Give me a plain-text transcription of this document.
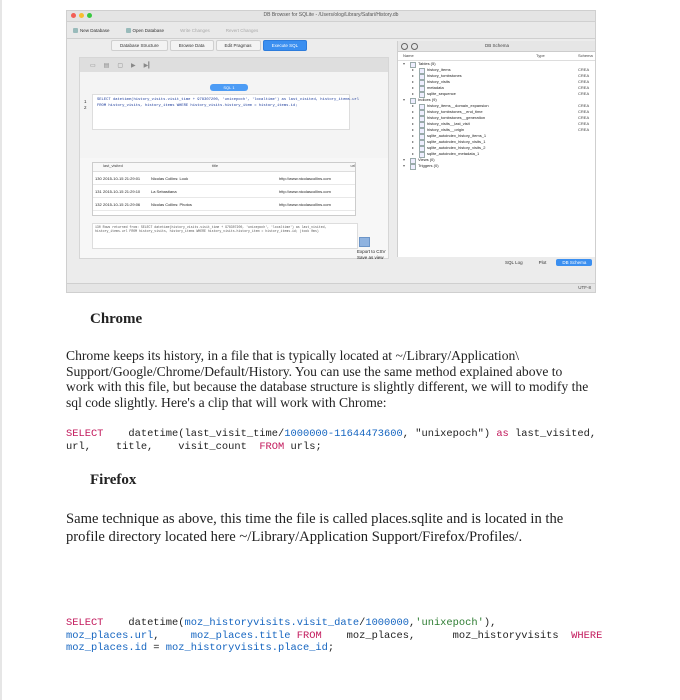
DB Browser for SQLite - /Users/olog/Library/Safari/History.db
New Database	Open Database	Write Changes	Revert Changes
Database Structure	Browse Data	Edit Pragmas	Execute SQL
▭ ▤ ▢ ▶ ▶▎
SQL 1
1
2
SELECT datetime(history_visits.visit_time + 978307200, 'unixepoch', 'localtime') as last_visited, history_items.url
FROM history_visits, history_items WHERE history_visits.history_item = history_items.id;
last_visited	title	url
130 2015-10-15 21:29:01	Nicolas Collins: Look	http://www.nicolascollins.com
131 2015-10-15 21:29:10	La Sebastiana	http://www.nicolascollins.com
132 2015-10-15 21:29:06	Nicolas Collins: Photos	http://www.nicolascollins.com
130 Rows returned from: SELECT datetime(history_visits.visit_time + 978307200, 'unixepoch', 'localtime') as last_visited, history_items.url FROM history_visits, history_items WHERE history_visits.history_item = history_items.id; (took 0ms)
Export to CSV
Save as view
DB Schema
Name	Type	Schema
▾	Tables (5)
▸	history_items	CREA
▸	history_tombstones	CREA
▸	history_visits	CREA
▸	metadata	CREA
▸	sqlite_sequence	CREA
▾	Indices (9)
▸	history_items__domain_expansion	CREA
▸	history_tombstones__end_time	CREA
▸	history_tombstones__generation	CREA
▸	history_visits__last_visit	CREA
▸	history_visits__origin	CREA
▸	sqlite_autoindex_history_items_1
▸	sqlite_autoindex_history_visits_1
▸	sqlite_autoindex_history_visits_2
▸	sqlite_autoindex_metadata_1
▾	Views (0)
▾	Triggers (0)
SQL Log	Plot	DB Schema
UTF-8
Chrome

Chrome keeps its history, in a file that is typically located at ~/Library/Application\ Support/Google/Chrome/Default/History. You can use the same method explained above to work with this file, but because the database structure is slightly different, we will to modify the sql code slightly. Here's a clip that will work with Chrome:

SELECT    datetime(last_visit_time/1000000-11644473600, "unixepoch") as last_visited,
url,    title,    visit_count  FROM urls;
Firefox

Same technique as above, this time the file is called places.sqlite and is located in the profile directory located here ~/Library/Application Support/Firefox/Profiles/.

SELECT    datetime(moz_historyvisits.visit_date/1000000,'unixepoch'),
moz_places.url,     moz_places.title FROM    moz_places,      moz_historyvisits  WHERE
moz_places.id = moz_historyvisits.place_id;
